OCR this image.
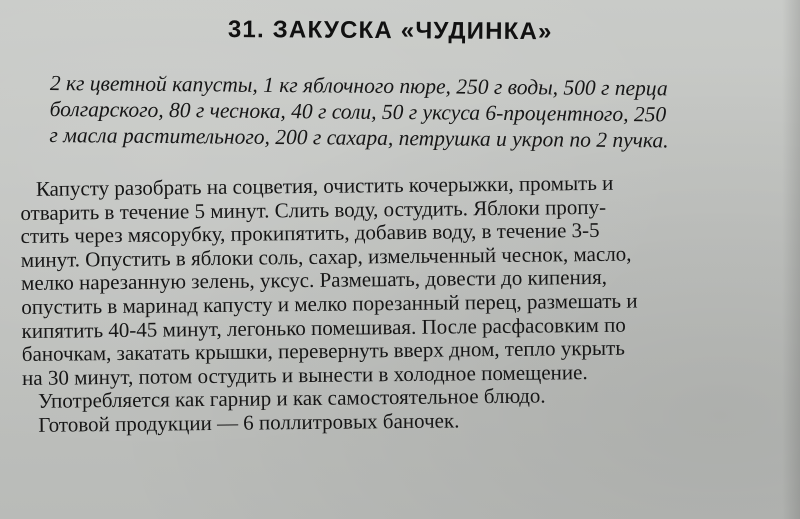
31. ЗАКУСКА «ЧУДИНКА»
2 кг цветной капусты, 1 кг яблочного пюре, 250 г воды, 500 г перца
болгарского, 80 г чеснока, 40 г соли, 50 г уксуса 6-процентного, 250
г масла растительного, 200 г сахара, петрушка и укроп по 2 пучка.
Капусту разобрать на соцветия, очистить кочерыжки, промыть и
отварить в течение 5 минут. Слить воду, остудить. Яблоки пропу-
стить через мясорубку, прокипятить, добавив воду, в течение 3-5
минут. Опустить в яблоки соль, сахар, измельченный чеснок, масло,
мелко нарезанную зелень, уксус. Размешать, довести до кипения,
опустить в маринад капусту и мелко порезанный перец, размешать и
кипятить 40-45 минут, легонько помешивая. После расфасовким по
баночкам, закатать крышки, перевернуть вверх дном, тепло укрыть
на 30 минут, потом остудить и вынести в холодное помещение.
Употребляется как гарнир и как самостоятельное блюдо.
Готовой продукции — 6 поллитровых баночек.
